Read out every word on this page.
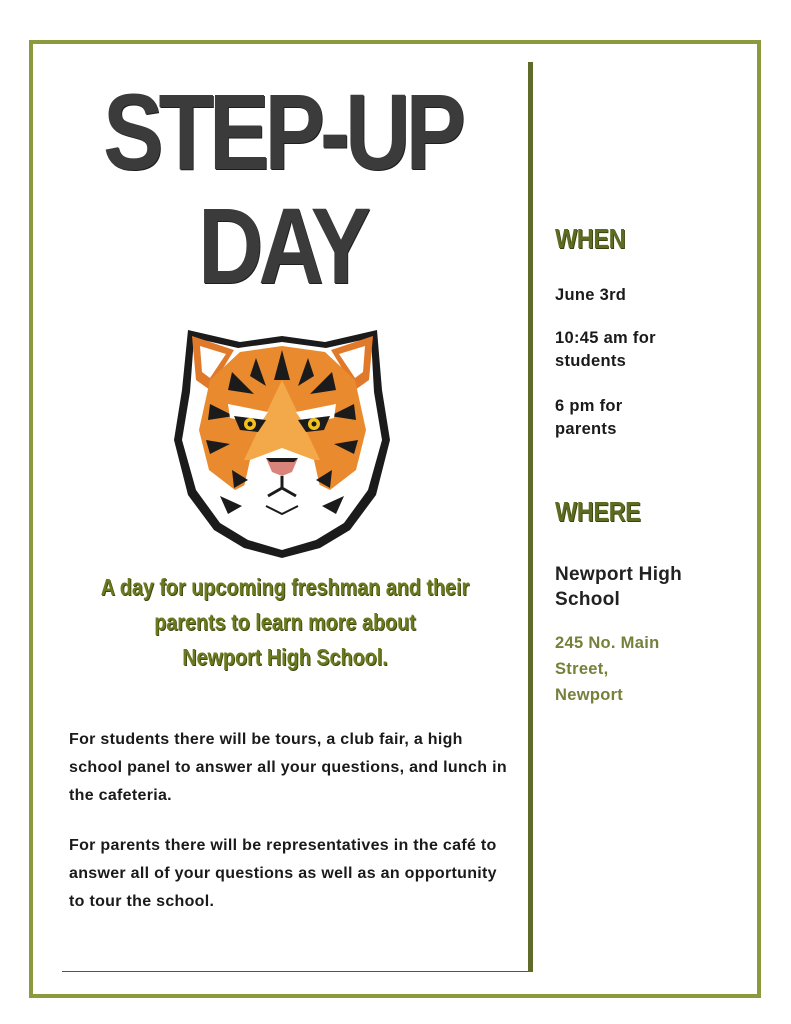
STEP-UP
DAY
A day for upcoming freshman and their
parents to learn more about
Newport High School.
For students there will be tours, a club fair, a high school panel to answer all your questions, and lunch in the cafeteria.
For parents there will be representatives in the café to answer all of your questions as well as an opportunity to tour the school.
WHEN
June 3rd
10:45 am for
students
6 pm for
parents
WHERE
Newport High
School
245 No. Main
Street,
Newport
